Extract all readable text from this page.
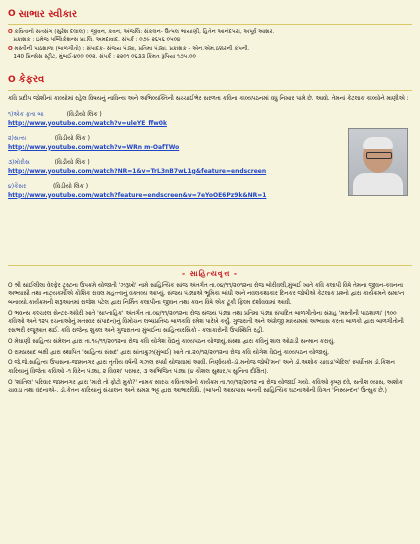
O સાભાર સ્વીકાર
O કવિતાનો સતસંગ (સુરેશ દલાલ) : જીવન, કવન, અંજલિ: સંકલન- ઉત્પલ ભાયાણી, હિતેન આનંદપરા, અપૂર્વ આશર.
પ્રકાશક : ઇમેજ પબ્લિકેશન્સ પ્રા.લિ. અમદાવાદ. સંપર્ક : ૦૭૯ ૨૬૫૬ ૦૫૦૪
O મસ્તીની પાઠશાળા (બાળગીતો) : સંપાદક- સંજય પંડ્યા, પ્રતિમા પંડ્યા. પ્રકાશક - એન.એમ.ઠક્કરની કંપની.
140 પ્રિન્સેસ સ્ટ્રીટ, મુંબઈ-૪૦૦ ૦૦૨. સંપર્ક : ૨૨૦૧ ૦૬૩૩ કિંમત રૂપિયા ૧૭૫.૦૦
O કેફરવ
કવિ પ્રદીપ જોશીનાં કાવ્યોમાં રહેલ વિષયનું નાવિન્ય અને અભિવ્યક્તિની સચ્ચાઈભેર સરળતા કવિના કાવ્યપઠનમાં વધુ નિખાર પામે છે. આવો. તેમનાં કેટલાક કાવ્યોને માણીએ :
૧)એક ફતા બા	(વિડીયો લિંક )
http://www.youtube.com/watch?v=uleYE_ffw0k
૨)સત્ય	(વિડીયો લિંક )
http://www.youtube.com/watch?v=WRn m-OafTWo
૩)મોરીસ	(વિડીયો લિંક )
http://www.youtube.com/watch?NR=1&v=TrL3nB7wL1g&feature=endscreen
૪)કૈસર	(વિડીયો લિંક )
http://www.youtube.com/watch?feature=endscreen&v=7eYoOE6Pz9k&NR=1
- સાહિત્યવૃત્ત -

O શ્રી સાંઈલીલા વેલ્ફેર ટ્રસ્ટના ઉપક્રમે યોજાતી 'ઝરૂખો' નામે સાહિત્યિક સાંજ અંતર્ગત તા.૦૪/૧૧/૨૦૧૨ના રોજ બોરીવલી,મુંબઈ ખાતે કવિ કલાપી વિષે તેમના જીવન-કવનના અભ્યાસી તથા નાટ્યકર્મીએ કૌશિક રાવલ મહત્ત્વનું વક્તવ્ય આપ્યું. સંજય પંડ્યાએ ભૂમિકા બાંધી અને નવલકથાકાર દિનકર જોષીએ કેટલાક પ્રશ્નો દ્વારા કાર્યક્રમને સમાપ્ત બનાવ્યો.કાર્યક્રમની શરૂઆતમાં રાજેશ પટેલ દ્વારા નિર્મિત કલાપીના જીવન તથા કવન વિષે એક ટૂંકી ફિલ્મ દર્શાવવામાં આવી.

O ભવન્સ કલ્ચરલ સેન્ટર-અંધેરી ખાતે 'સાપ્તાહિક' અંતર્ગત તા.૦૪/૧૧/૨૦૧૨ના રોજ સંજય પંડ્યા તથા પ્રતિમા પંડ્યા સંપાદિત બાળગીતોના સંગ્રહ 'મસ્તીની પાઠશાળા' (૧૦૦ કવિઓ અને ૧૨૫ રચનાઓનું મતસ્વર સંપાદન)નું વિમોચન લબ્ધપ્રતિષ્ઠ બાળકવિ રમેશ પારેખે કર્યું. ગુજરાતી અને અંગ્રેજી માધ્યમમાં અભ્યાસ કરતા બાળકો દ્વારા બાળગીતોની રસભરી રજૂઆત થઈ. કવિ રાજેન્દ્ર શુક્લ અને ગુજરાતના મુંબઈના સાહિત્યરસિકો - કલાકારોની ઉપસ્થિતિ રહી.

O મેઘાણી સાહિત્ય સંમેલન દ્વારા તા.૧૯/૧૧/૨૦૧૨ના રોજ કવિ યોગેશ વૈદ્યનું કાવ્યપઠન યોજાયું.સંસ્થા દ્વારા કવિનું શાલ ઓઢાડી સન્માન કરાયું.

O રામપ્રસાદ બક્ષી દ્વારા સ્થાપિત 'સાહિત્ય સંસદ' દ્વારા સાંતાક્રુઝ(મુંબઈ) ખાતે તા.૨૦/૧૨/૨૦૧૨ના રોજ કવિ યોગેશ વૈદ્યનું કાવ્યપઠન યોજાયું.

O જે.જે.સાહિત્ય ઉપાસના-જામનગર દ્વારા તૃતીય વર્ષની ગઝલ સ્પર્ધા યોજવામાં આવી. નિર્ણાયકો-ડૉ.મનોજ જોષી'મન' અને ડૉ.અશોક ચાવડા'બેદિલ' સ્પર્ધોત્તમ ડૉ.કિશન કારિયાનું વિજેતા કવિઓ -૧ વિરેન પંડ્યા, ૨ વિવશ' પરમાર, ૩ અભિજિત પંડ્યા (૪ કૌશલ સુથાર,૫ સુનિતા દીક્ષિત).

O 'શાંતિલ' પરિવાર જામનગર દ્વારા 'મારો તો ફોટો મુકો?' નામક સ્વરચ કવિતાઓનો કાર્યક્રમ તા.૧૦/૧૨/૨૦૧૨ ના રોજ યોજાઈ ગયો. કવિઓ કૃષ્ણ દવે, સતીશ વ્યાસ, અશોક ચાવડા તથા વંદનાએ-. ડૉ.કેતન કારિયાનું સંચાલન અને સમગ્ર ભટ્ટ દ્વારા આભારવિધિ. (બાપની આસપાસ બનતી સાહિત્યિક ઘટનાઓની વિગત 'નિસ્યન્દન' ઉત્સુક છે.)
